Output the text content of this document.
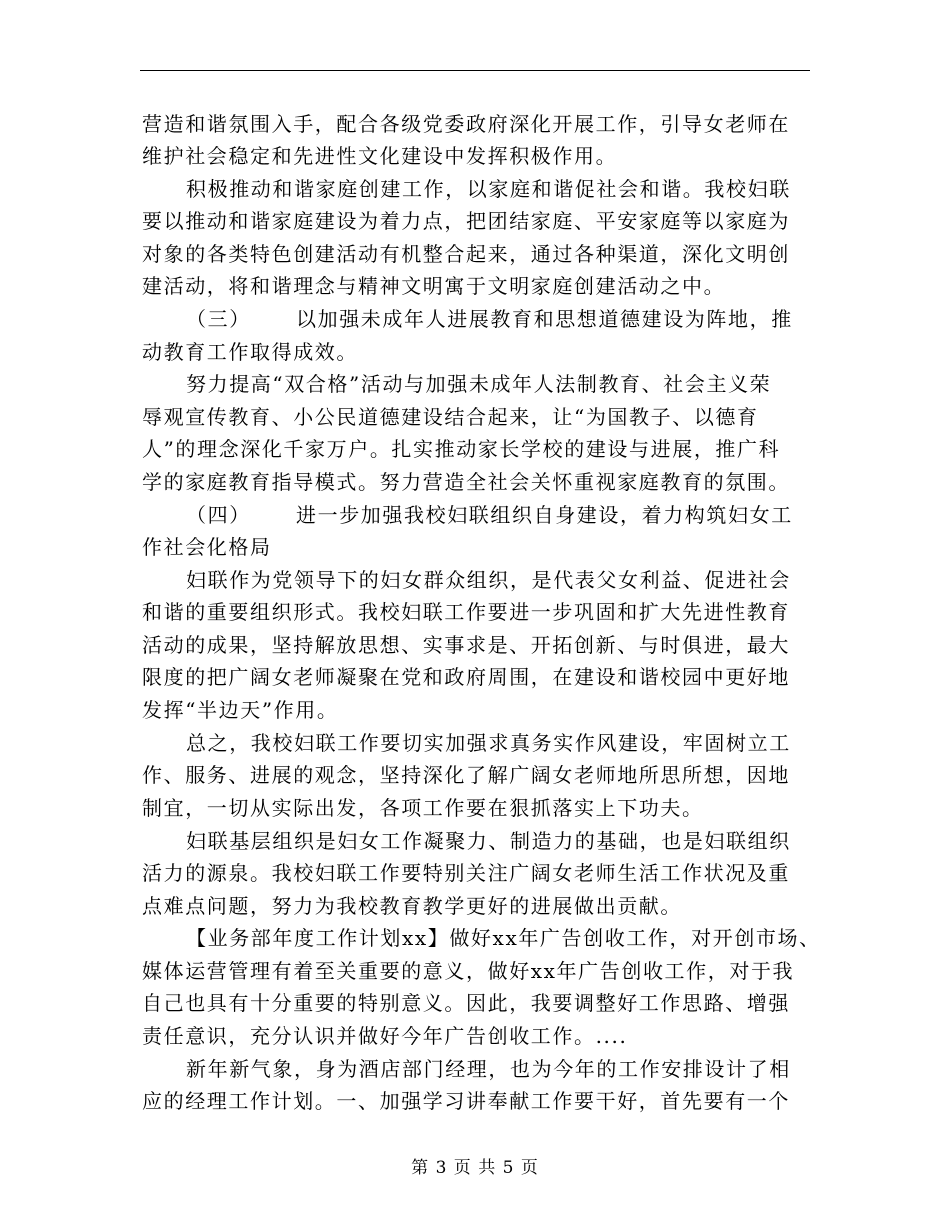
营造和谐氛围入手，配合各级党委政府深化开展工作，引导女老师在
维护社会稳定和先进性文化建设中发挥积极作用。
积极推动和谐家庭创建工作，以家庭和谐促社会和谐。我校妇联
要以推动和谐家庭建设为着力点，把团结家庭、平安家庭等以家庭为
对象的各类特色创建活动有机整合起来，通过各种渠道，深化文明创
建活动，将和谐理念与精神文明寓于文明家庭创建活动之中。
（三） 以加强未成年人进展教育和思想道德建设为阵地，推
动教育工作取得成效。
努力提高“双合格”活动与加强未成年人法制教育、社会主义荣
辱观宣传教育、小公民道德建设结合起来，让“为国教子、以德育
人”的理念深化千家万户。扎实推动家长学校的建设与进展，推广科
学的家庭教育指导模式。努力营造全社会关怀重视家庭教育的氛围。
（四） 进一步加强我校妇联组织自身建设，着力构筑妇女工
作社会化格局
妇联作为党领导下的妇女群众组织，是代表父女利益、促进社会
和谐的重要组织形式。我校妇联工作要进一步巩固和扩大先进性教育
活动的成果，坚持解放思想、实事求是、开拓创新、与时俱进，最大
限度的把广阔女老师凝聚在党和政府周围，在建设和谐校园中更好地
发挥“半边天”作用。
总之，我校妇联工作要切实加强求真务实作风建设，牢固树立工
作、服务、进展的观念，坚持深化了解广阔女老师地所思所想，因地
制宜，一切从实际出发，各项工作要在狠抓落实上下功夫。
妇联基层组织是妇女工作凝聚力、制造力的基础，也是妇联组织
活力的源泉。我校妇联工作要特别关注广阔女老师生活工作状况及重
点难点问题，努力为我校教育教学更好的进展做出贡献。
【业务部年度工作计划xx】做好xx年广告创收工作，对开创市场、
媒体运营管理有着至关重要的意义，做好xx年广告创收工作，对于我
自己也具有十分重要的特别意义。因此，我要调整好工作思路、增强
责任意识，充分认识并做好今年广告创收工作。....
新年新气象，身为酒店部门经理，也为今年的工作安排设计了相
应的经理工作计划。一、加强学习讲奉献工作要干好，首先要有一个
第 3 页 共 5 页
